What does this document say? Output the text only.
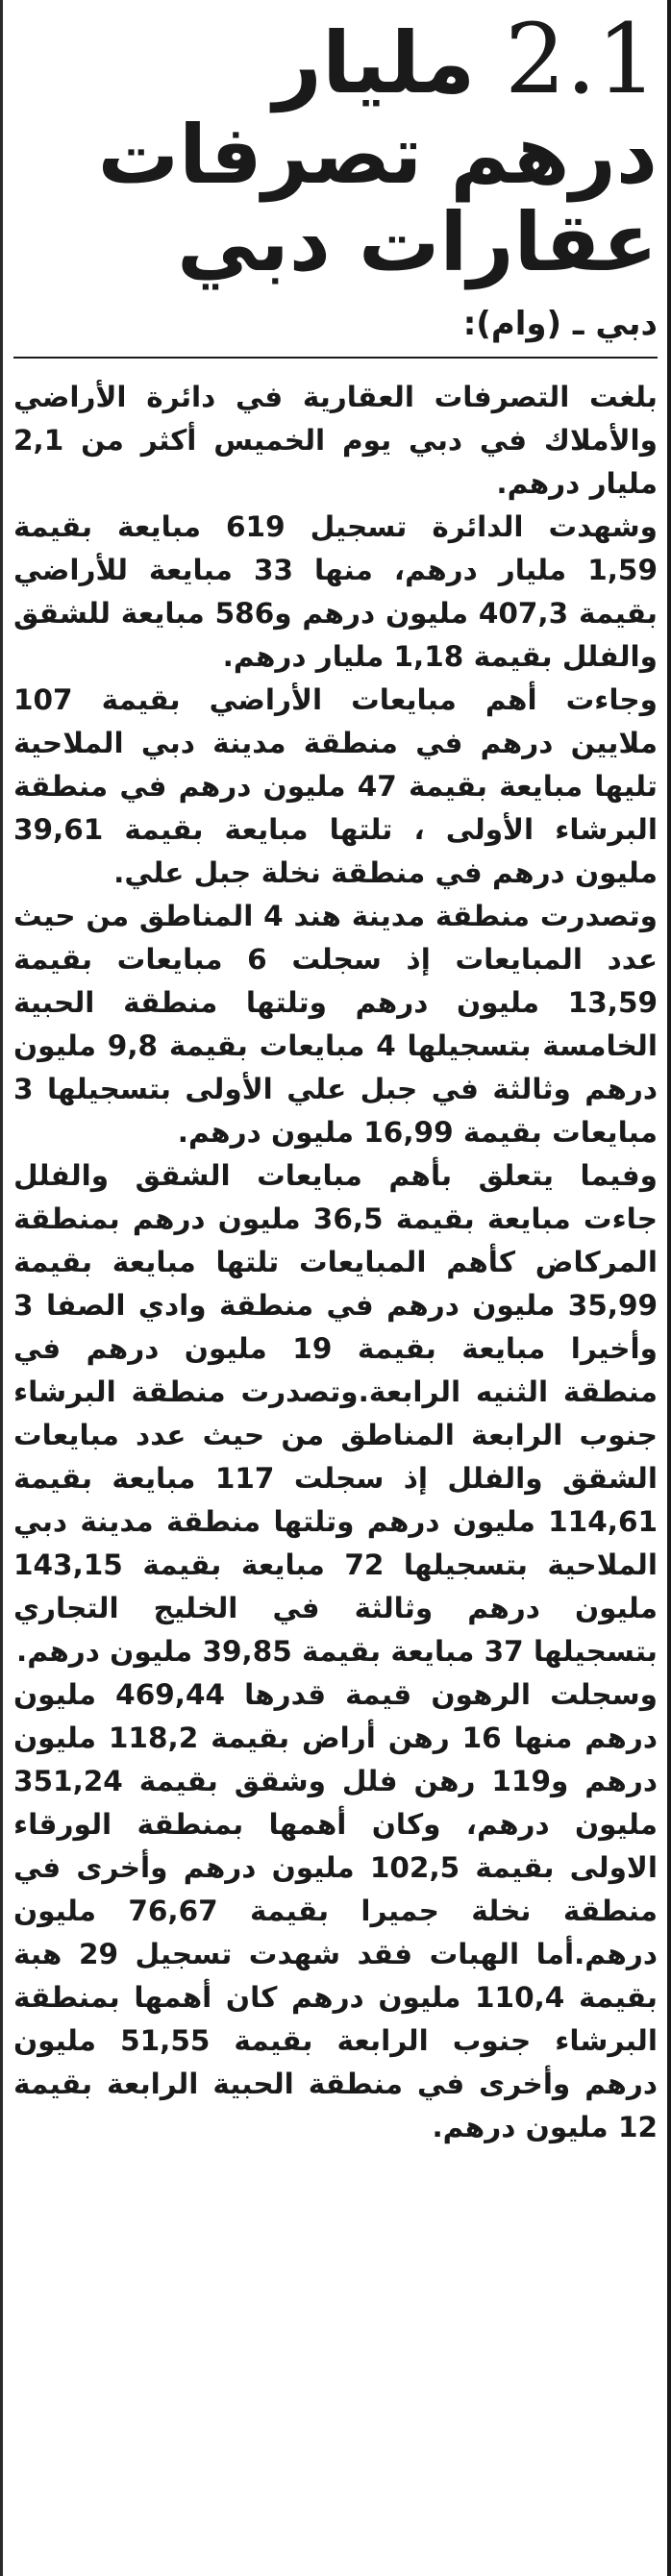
2.1 مليار
درهم تصرفات
عقارات دبي
دبي ـ (وام):

بلغت التصرفات العقارية في دائرة الأراضي والأملاك في دبي يوم الخميس أكثر من 2,1 مليار درهم.

وشهدت الدائرة تسجيل 619 مبايعة بقيمة 1,59 مليار درهم، منها 33 مبايعة للأراضي بقيمة 407,3 مليون درهم و586 مبايعة للشقق والفلل بقيمة 1,18 مليار درهم.

وجاءت أهم مبايعات الأراضي بقيمة 107 ملايين درهم في منطقة مدينة دبي الملاحية تليها مبايعة بقيمة 47 مليون درهم في منطقة البرشاء الأولى ، تلتها مبايعة بقيمة 39,61 مليون درهم في منطقة نخلة جبل علي.

وتصدرت منطقة مدينة هند 4 المناطق من حيث عدد المبايعات إذ سجلت 6 مبايعات بقيمة 13,59 مليون درهم وتلتها منطقة الحبية الخامسة بتسجيلها 4 مبايعات بقيمة 9,8 مليون درهم وثالثة في جبل علي الأولى بتسجيلها 3 مبايعات بقيمة 16,99 مليون درهم.

وفيما يتعلق بأهم مبايعات الشقق والفلل جاءت مبايعة بقيمة 36,5 مليون درهم بمنطقة المركاض كأهم المبايعات تلتها مبايعة بقيمة 35,99 مليون درهم في منطقة وادي الصفا 3 وأخيرا مبايعة بقيمة 19 مليون درهم في منطقة الثنيه الرابعة.وتصدرت منطقة البرشاء جنوب الرابعة المناطق من حيث عدد مبايعات الشقق والفلل إذ سجلت 117 مبايعة بقيمة 114,61 مليون درهم وتلتها منطقة مدينة دبي الملاحية بتسجيلها 72 مبايعة بقيمة 143,15 مليون درهم وثالثة في الخليج التجاري بتسجيلها 37 مبايعة بقيمة 39,85 مليون درهم.

وسجلت الرهون قيمة قدرها 469,44 مليون درهم منها 16 رهن أراض بقيمة 118,2 مليون درهم و119 رهن فلل وشقق بقيمة 351,24 مليون درهم، وكان أهمها بمنطقة الورقاء الاولى بقيمة 102,5 مليون درهم وأخرى في منطقة نخلة جميرا بقيمة 76,67 مليون درهم.أما الهبات فقد شهدت تسجيل 29 هبة بقيمة 110,4 مليون درهم كان أهمها بمنطقة البرشاء جنوب الرابعة بقيمة 51,55 مليون درهم وأخرى في منطقة الحبية الرابعة بقيمة 12 مليون درهم.
